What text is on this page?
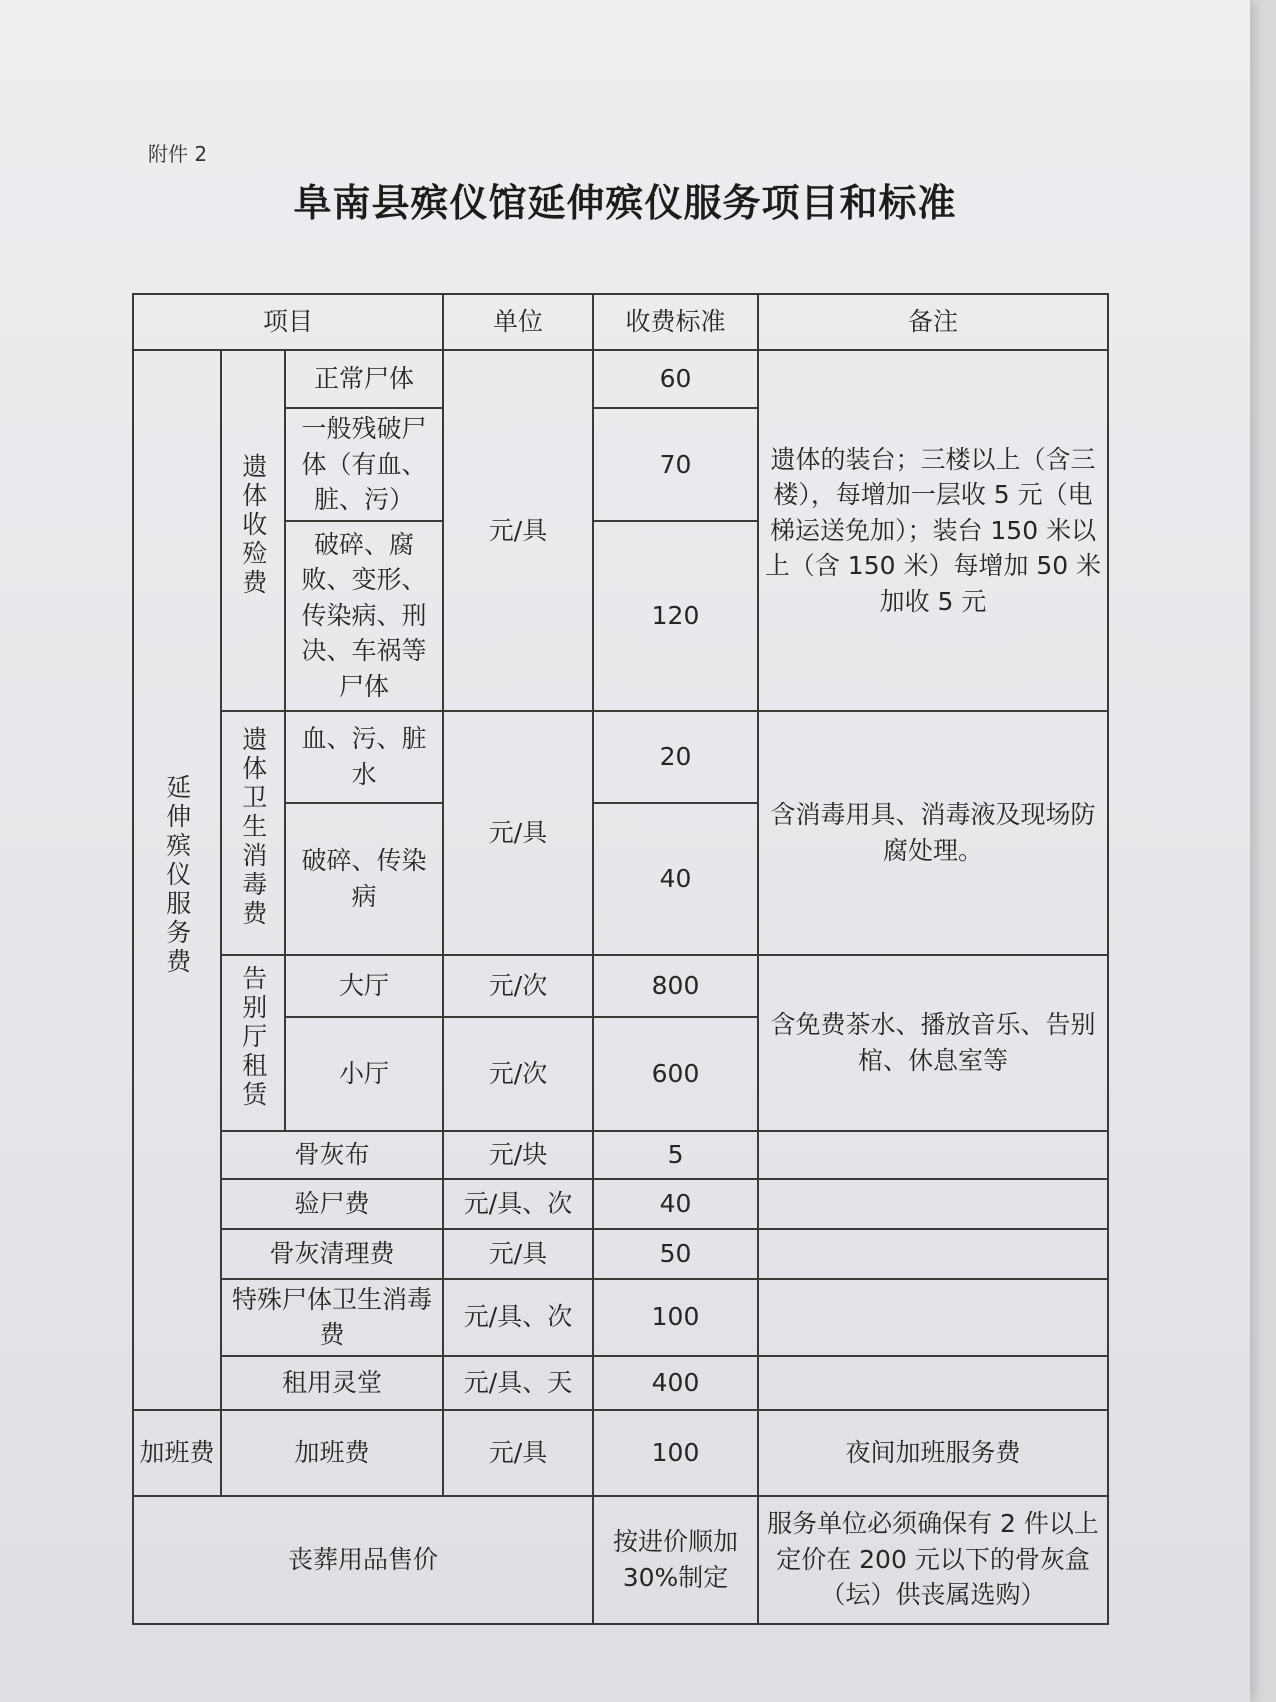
附件 2
阜南县殡仪馆延伸殡仪服务项目和标准
项目			单位	收费标准	备注
延伸殡仪服务费	遗体收殓费	正常尸体	元/具	60	遗体的装台；三楼以上（含三楼），每增加一层收 5 元（电梯运送免加）；装台 150 米以上（含 150 米）每增加 50 米加收 5 元
		一般残破尸体（有血、脏、污）		70	
		破碎、腐败、变形、传染病、刑决、车祸等尸体		120	
	遗体卫生消毒费	血、污、脏水	元/具	20	含消毒用具、消毒液及现场防腐处理。
		破碎、传染病		40	
	告别厅租赁	大厅	元/次	800	含免费茶水、播放音乐、告别棺、休息室等
		小厅	元/次	600	
	骨灰布		元/块	5	
	验尸费		元/具、次	40	
	骨灰清理费		元/具	50	
	特殊尸体卫生消毒费		元/具、次	100	
	租用灵堂		元/具、天	400	
加班费	加班费		元/具	100	夜间加班服务费
丧葬用品售价				按进价顺加30%制定	服务单位必须确保有 2 件以上定价在 200 元以下的骨灰盒（坛）供丧属选购）
